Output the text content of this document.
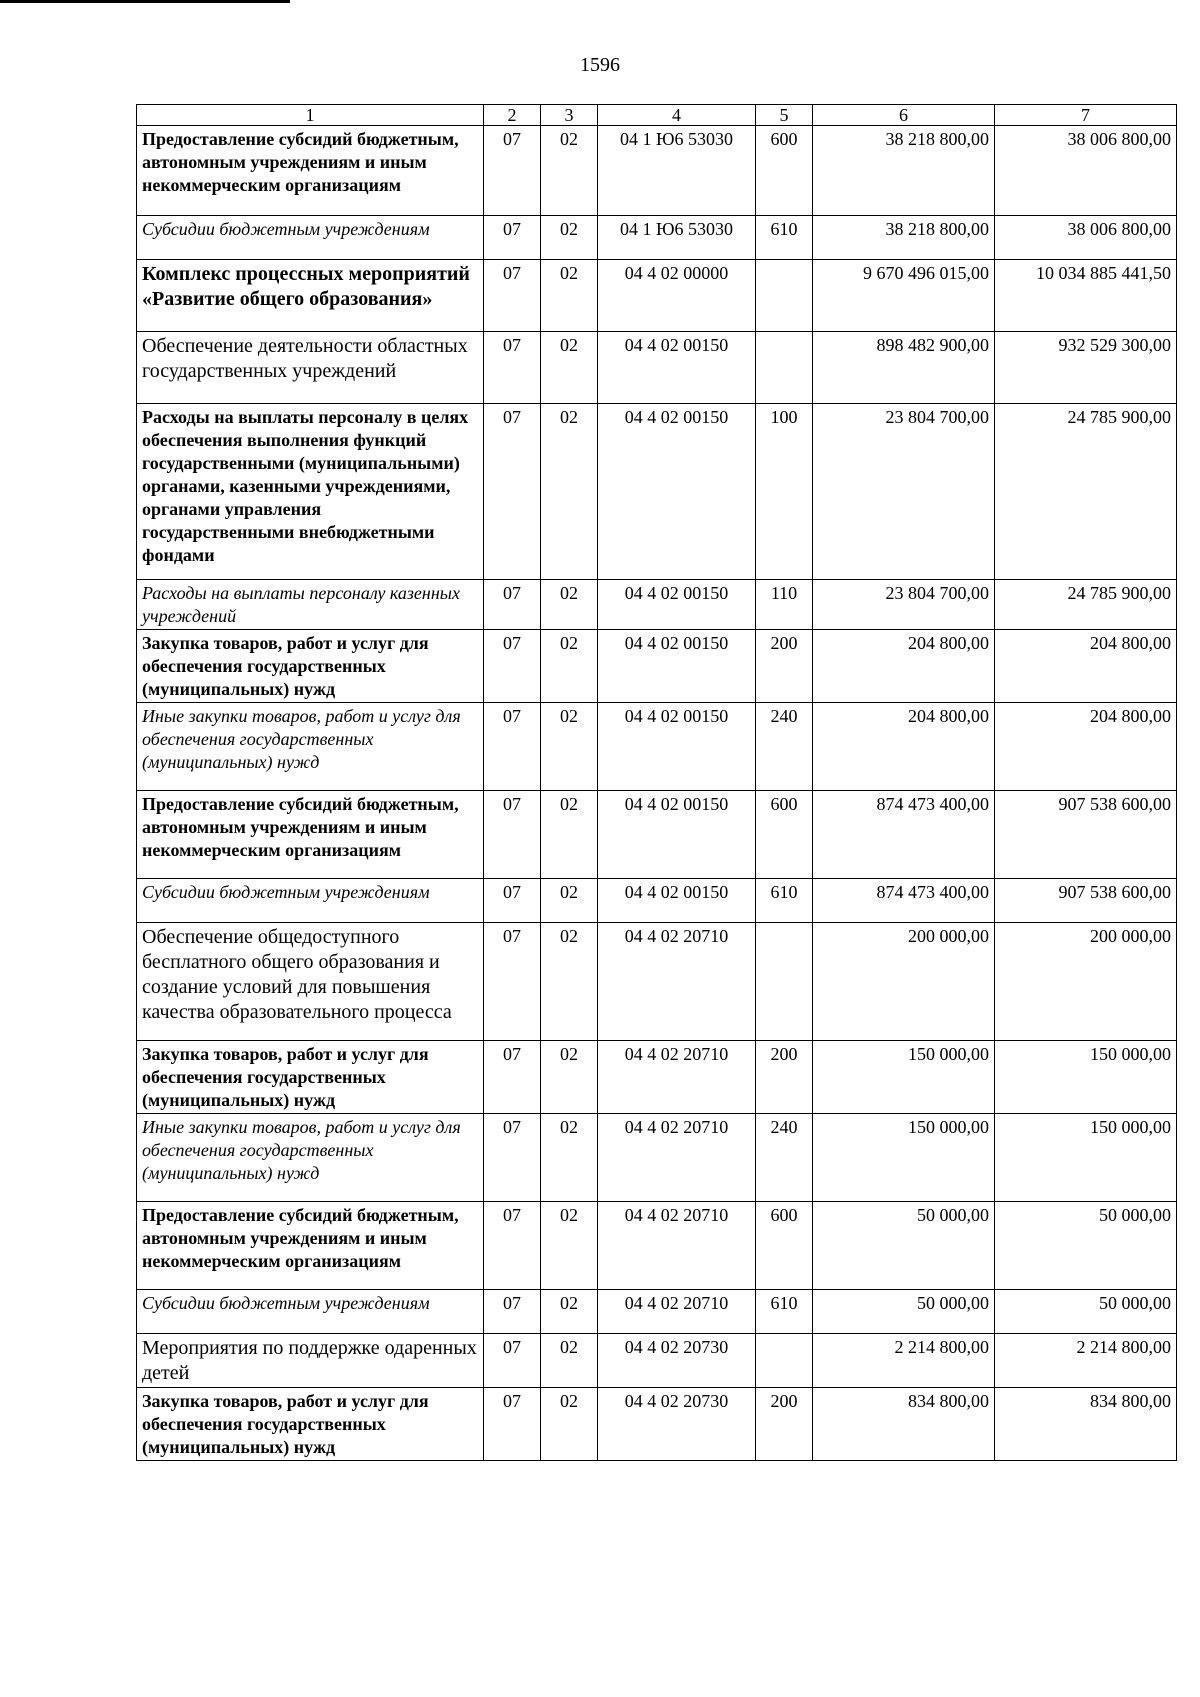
1596
1	2	3	4	5	6	7
Предоставление субсидий бюджетным, автономным учреждениям и иным некоммерческим организациям	07	02	04 1 Ю6 53030	600	38 218 800,00	38 006 800,00
Субсидии бюджетным учреждениям	07	02	04 1 Ю6 53030	610	38 218 800,00	38 006 800,00
Комплекс процессных мероприятий «Развитие общего образования»	07	02	04 4 02 00000		9 670 496 015,00	10 034 885 441,50
Обеспечение деятельности областных государственных учреждений	07	02	04 4 02 00150		898 482 900,00	932 529 300,00
Расходы на выплаты персоналу в целях обеспечения выполнения функций государственными (муниципальными) органами, казенными учреждениями, органами управления государственными внебюджетными фондами	07	02	04 4 02 00150	100	23 804 700,00	24 785 900,00
Расходы на выплаты персоналу казенных учреждений	07	02	04 4 02 00150	110	23 804 700,00	24 785 900,00
Закупка товаров, работ и услуг для обеспечения государственных (муниципальных) нужд	07	02	04 4 02 00150	200	204 800,00	204 800,00
Иные закупки товаров, работ и услуг для обеспечения государственных (муниципальных) нужд	07	02	04 4 02 00150	240	204 800,00	204 800,00
Предоставление субсидий бюджетным, автономным учреждениям и иным некоммерческим организациям	07	02	04 4 02 00150	600	874 473 400,00	907 538 600,00
Субсидии бюджетным учреждениям	07	02	04 4 02 00150	610	874 473 400,00	907 538 600,00
Обеспечение общедоступного бесплатного общего образования и создание условий для повышения качества образовательного процесса	07	02	04 4 02 20710		200 000,00	200 000,00
Закупка товаров, работ и услуг для обеспечения государственных (муниципальных) нужд	07	02	04 4 02 20710	200	150 000,00	150 000,00
Иные закупки товаров, работ и услуг для обеспечения государственных (муниципальных) нужд	07	02	04 4 02 20710	240	150 000,00	150 000,00
Предоставление субсидий бюджетным, автономным учреждениям и иным некоммерческим организациям	07	02	04 4 02 20710	600	50 000,00	50 000,00
Субсидии бюджетным учреждениям	07	02	04 4 02 20710	610	50 000,00	50 000,00
Мероприятия по поддержке одаренных детей	07	02	04 4 02 20730		2 214 800,00	2 214 800,00
Закупка товаров, работ и услуг для обеспечения государственных (муниципальных) нужд	07	02	04 4 02 20730	200	834 800,00	834 800,00
